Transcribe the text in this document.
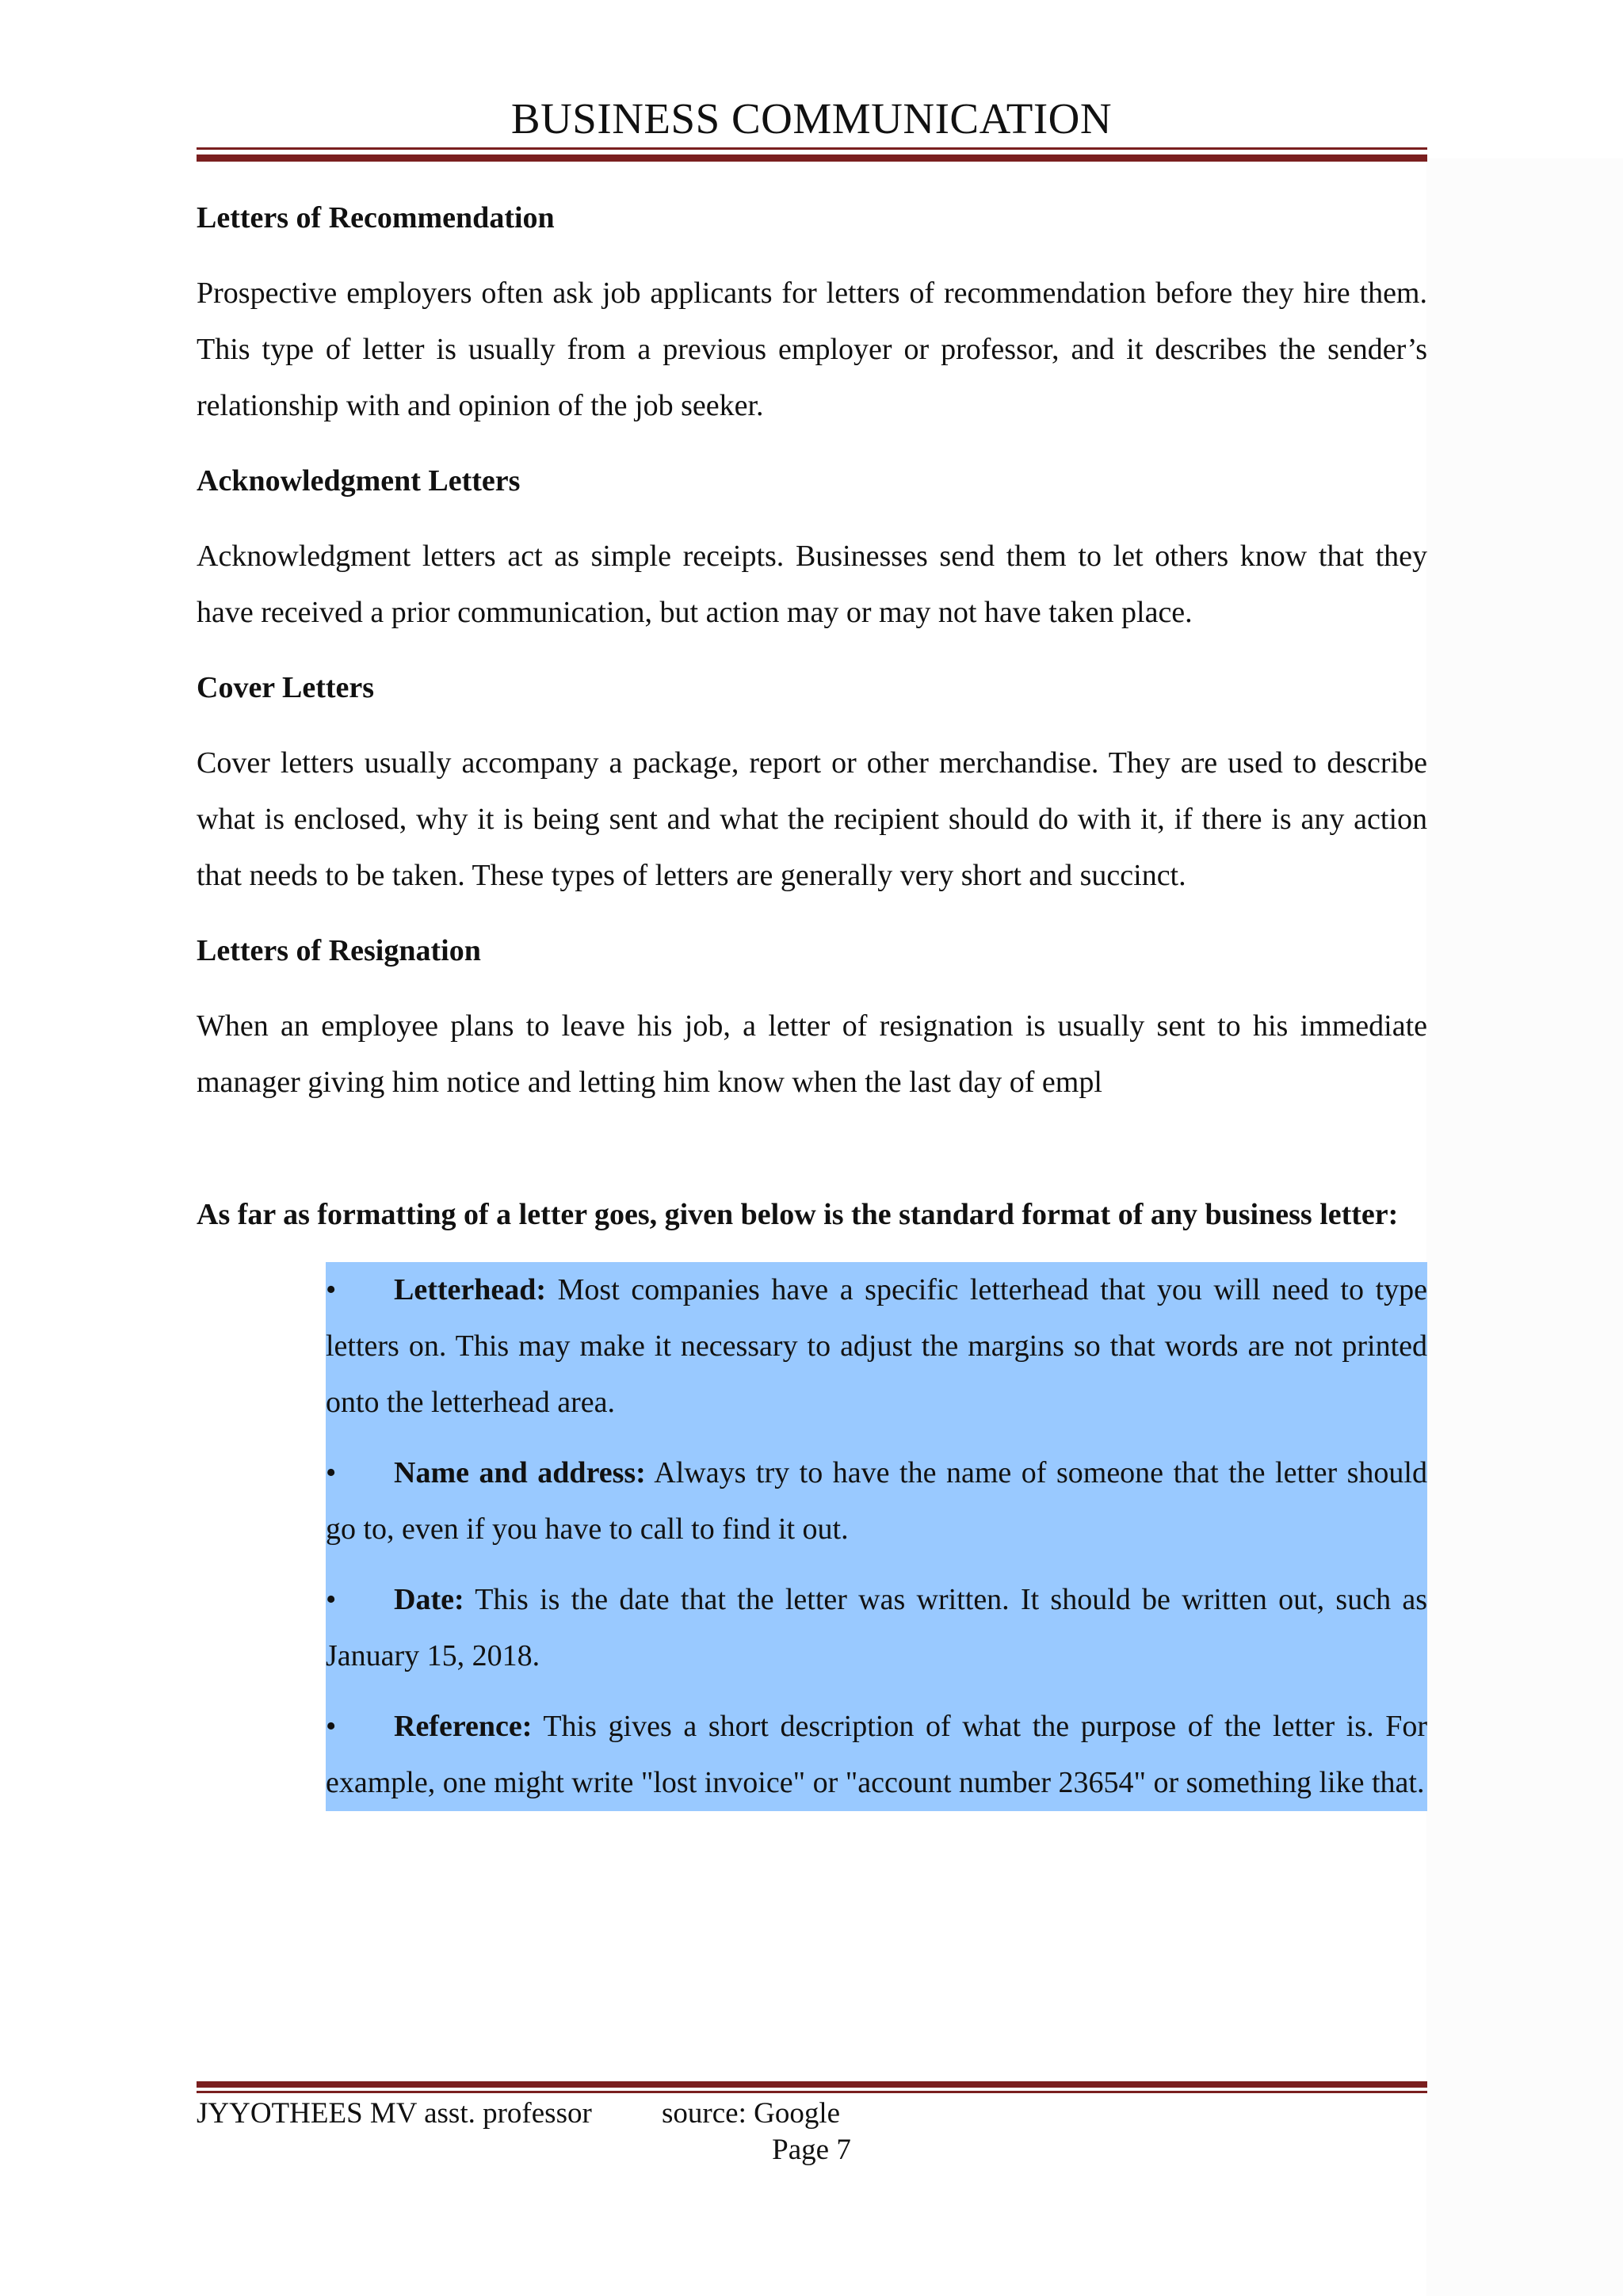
BUSINESS COMMUNICATION
Letters of Recommendation
Prospective employers often ask job applicants for letters of recommendation before they hire them. This type of letter is usually from a previous employer or professor, and it describes the sender’s relationship with and opinion of the job seeker.
Acknowledgment Letters
Acknowledgment letters act as simple receipts. Businesses send them to let others know that they have received a prior communication, but action may or may not have taken place.
Cover Letters
Cover letters usually accompany a package, report or other merchandise. They are used to describe what is enclosed, why it is being sent and what the recipient should do with it, if there is any action that needs to be taken. These types of letters are generally very short and succinct.
Letters of Resignation
When an employee plans to leave his job, a letter of resignation is usually sent to his immediate manager giving him notice and letting him know when the last day of empl
As far as formatting of a letter goes, given below is the standard format of any business letter:
• Letterhead: Most companies have a specific letterhead that you will need to type letters on. This may make it necessary to adjust the margins so that words are not printed onto the letterhead area.
• Name and address: Always try to have the name of someone that the letter should go to, even if you have to call to find it out.
• Date: This is the date that the letter was written. It should be written out, such as January 15, 2018.
• Reference: This gives a short description of what the purpose of the letter is. For example, one might write "lost invoice" or "account number 23654" or something like that.
JYYOTHEES MV asst. professor source: Google
Page 7
